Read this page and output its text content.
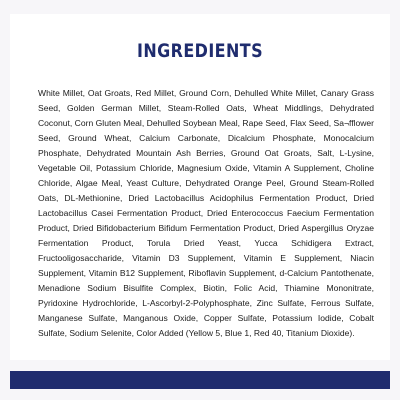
INGREDIENTS

White Millet, Oat Groats, Red Millet, Ground Corn, Dehulled White Millet, Canary Grass Seed, Golden German Millet, Steam-Rolled Oats, Wheat Middlings, Dehydrated Coconut, Corn Gluten Meal, Dehulled Soybean Meal, Rape Seed, Flax Seed, Sa¬fflower Seed, Ground Wheat, Calcium Carbonate, Dicalcium Phosphate, Monocalcium Phosphate, Dehydrated Mountain Ash Berries, Ground Oat Groats, Salt, L-Lysine, Vegetable Oil, Potassium Chloride, Magnesium Oxide, Vitamin A Supplement, Choline Chloride, Algae Meal, Yeast Culture, Dehydrated Orange Peel, Ground Steam-Rolled Oats, DL-Methionine, Dried Lactobacillus Acidophilus Fermentation Product, Dried Lactobacillus Casei Fermentation Product, Dried Enterococcus Faecium Fermentation Product, Dried Bifidobacterium Bifidum Fermentation Product, Dried Aspergillus Oryzae Fermentation Product, Torula Dried Yeast, Yucca Schidigera Extract, Fructooligosaccharide, Vitamin D3 Supplement, Vitamin E Supplement, Niacin Supplement, Vitamin B12 Supplement, Riboflavin Supplement, d-Calcium Pantothenate, Menadione Sodium Bisulfite Complex, Biotin, Folic Acid, Thiamine Mononitrate, Pyridoxine Hydrochloride, L-Ascorbyl-2-Polyphosphate, Zinc Sulfate, Ferrous Sulfate, Manganese Sulfate, Manganous Oxide, Copper Sulfate, Potassium Iodide, Cobalt Sulfate, Sodium Selenite, Color Added (Yellow 5, Blue 1, Red 40, Titanium Dioxide).
